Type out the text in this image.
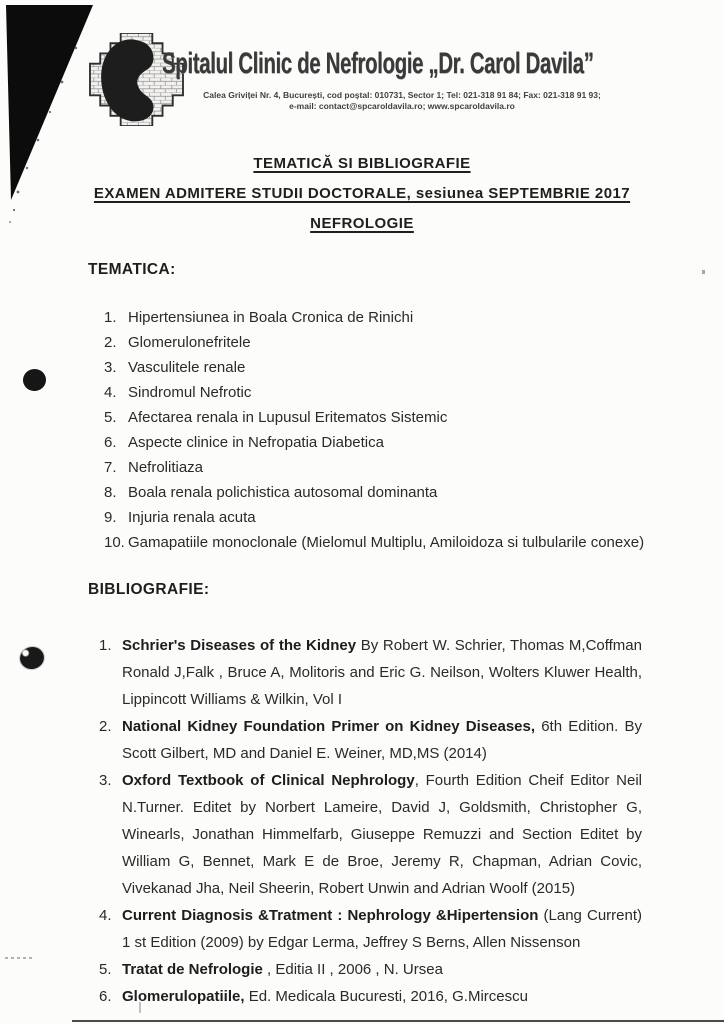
Spitalul Clinic de Nefrologie „Dr. Carol Davila”
Calea Griviței Nr. 4, București, cod poștal: 010731, Sector 1; Tel: 021-318 91 84; Fax: 021-318 91 93;
e-mail: contact@spcaroldavila.ro; www.spcaroldavila.ro
TEMATICĂ SI BIBLIOGRAFIE
EXAMEN ADMITERE STUDII DOCTORALE, sesiunea SEPTEMBRIE 2017
NEFROLOGIE
TEMATICA:
1. Hipertensiunea in Boala Cronica de Rinichi
2. Glomerulonefritele
3. Vasculitele renale
4. Sindromul Nefrotic
5. Afectarea renala in Lupusul Eritematos Sistemic
6. Aspecte clinice in Nefropatia Diabetica
7. Nefrolitiaza
8. Boala renala polichistica autosomal dominanta
9. Injuria renala acuta
10. Gamapatiile monoclonale (Mielomul Multiplu, Amiloidoza si tulbularile conexe)
BIBLIOGRAFIE:
1. Schrier's Diseases of the Kidney By Robert W. Schrier, Thomas M,Coffman Ronald J,Falk , Bruce A, Molitoris and Eric G. Neilson, Wolters Kluwer Health, Lippincott Williams & Wilkin, Vol I

2. National Kidney Foundation Primer on Kidney Diseases, 6th Edition. By Scott Gilbert, MD and Daniel E. Weiner, MD,MS (2014)

3. Oxford Textbook of Clinical Nephrology, Fourth Edition Cheif Editor Neil N.Turner. Editet by Norbert Lameire, David J, Goldsmith, Christopher G, Winearls, Jonathan Himmelfarb, Giuseppe Remuzzi and Section Editet by William G, Bennet, Mark E de Broe, Jeremy R, Chapman, Adrian Covic, Vivekanad Jha, Neil Sheerin, Robert Unwin and Adrian Woolf (2015)

4. Current Diagnosis &Tratment : Nephrology &Hipertension (Lang Current) 1 st Edition (2009) by Edgar Lerma, Jeffrey S Berns, Allen Nissenson

5. Tratat de Nefrologie , Editia II , 2006 , N. Ursea

6. Glomerulopatiile, Ed. Medicala Bucuresti, 2016, G.Mircescu
